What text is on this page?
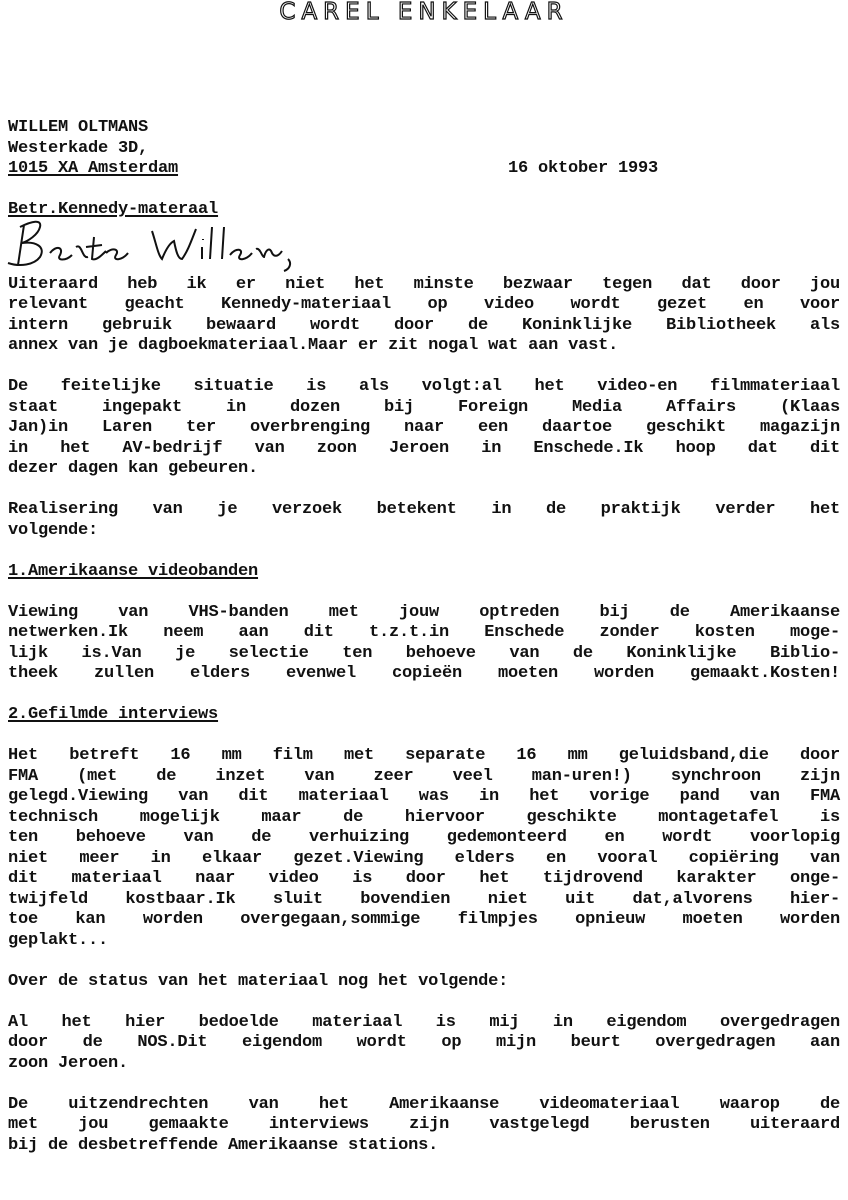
CAREL ENKELAAR
WILLEM OLTMANS
Westerkade 3D,
1015 XA Amsterdam	16 oktober 1993
Betr.Kennedy-materaal
Uiteraard heb ik er niet het minste bezwaar tegen dat door jou
relevant geacht Kennedy-materiaal op video wordt gezet en voor
intern gebruik bewaard wordt door de Koninklijke Bibliotheek als
annex van je dagboekmateriaal.Maar er zit nogal wat aan vast.
De feitelijke situatie is als volgt:al het video-en filmmateriaal
staat ingepakt in dozen bij Foreign Media Affairs (Klaas
Jan)in Laren ter overbrenging naar een daartoe geschikt magazijn
in het AV-bedrijf van zoon Jeroen in Enschede.Ik hoop dat dit
dezer dagen kan gebeuren.
Realisering van je verzoek betekent in de praktijk verder het
volgende:
1.Amerikaanse videobanden
Viewing van VHS-banden met jouw optreden bij de Amerikaanse
netwerken.Ik neem aan dit t.z.t.in Enschede zonder kosten moge-
lijk is.Van je selectie ten behoeve van de Koninklijke Biblio-
theek zullen elders evenwel copieën moeten worden gemaakt.Kosten!
2.Gefilmde interviews
Het betreft 16 mm film met separate 16 mm geluidsband,die door
FMA (met de inzet van zeer veel man-uren!) synchroon zijn
gelegd.Viewing van dit materiaal was in het vorige pand van FMA
technisch mogelijk maar de hiervoor geschikte montagetafel is
ten behoeve van de verhuizing gedemonteerd en wordt voorlopig
niet meer in elkaar gezet.Viewing elders en vooral copiëring van
dit materiaal naar video is door het tijdrovend karakter onge-
twijfeld kostbaar.Ik sluit bovendien niet uit dat,alvorens hier-
toe kan worden overgegaan,sommige filmpjes opnieuw moeten worden
geplakt...
Over de status van het materiaal nog het volgende:
Al het hier bedoelde materiaal is mij in eigendom overgedragen
door de NOS.Dit eigendom wordt op mijn beurt overgedragen aan
zoon Jeroen.
De uitzendrechten van het Amerikaanse videomateriaal waarop de
met jou gemaakte interviews zijn vastgelegd berusten uiteraard
bij de desbetreffende Amerikaanse stations.
